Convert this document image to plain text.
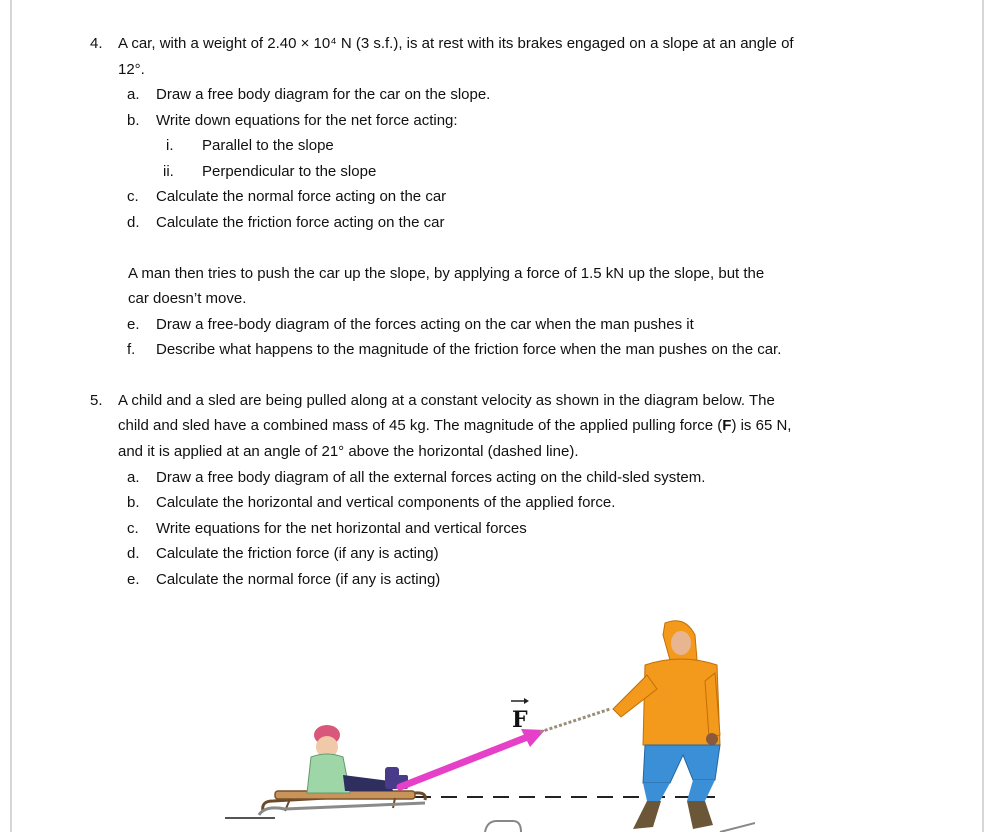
4. A car, with a weight of 2.40 × 10⁴ N (3 s.f.), is at rest with its brakes engaged on a slope at an angle of
12°.
a. Draw a free body diagram for the car on the slope.
b. Write down equations for the net force acting:
i. Parallel to the slope
ii. Perpendicular to the slope
c. Calculate the normal force acting on the car
d. Calculate the friction force acting on the car
A man then tries to push the car up the slope, by applying a force of 1.5 kN up the slope, but the
car doesn’t move.
e. Draw a free-body diagram of the forces acting on the car when the man pushes it
f. Describe what happens to the magnitude of the friction force when the man pushes on the car.
5. A child and a sled are being pulled along at a constant velocity as shown in the diagram below. The
child and sled have a combined mass of 45 kg. The magnitude of the applied pulling force (F) is 65 N,
and it is applied at an angle of 21° above the horizontal (dashed line).
a. Draw a free body diagram of all the external forces acting on the child-sled system.
b. Calculate the horizontal and vertical components of the applied force.
c. Write equations for the net horizontal and vertical forces
d. Calculate the friction force (if any is acting)
e. Calculate the normal force (if any is acting)
F
